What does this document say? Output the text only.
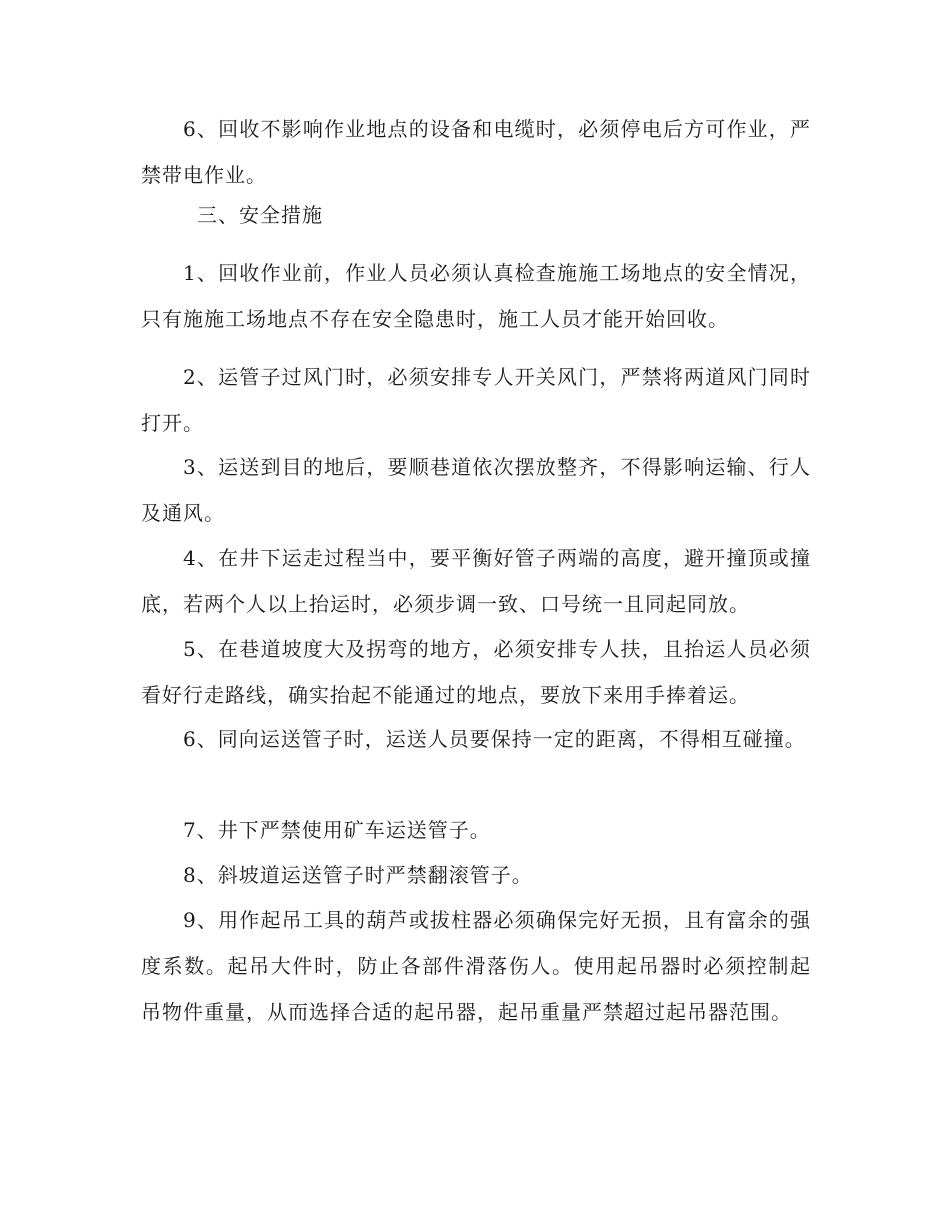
6、回收不影响作业地点的设备和电缆时，必须停电后方可作业，严禁带电作业。

三、安全措施

1、回收作业前，作业人员必须认真检查施施工场地点的安全情况，只有施施工场地点不存在安全隐患时，施工人员才能开始回收。

2、运管子过风门时，必须安排专人开关风门，严禁将两道风门同时打开。

3、运送到目的地后，要顺巷道依次摆放整齐，不得影响运输、行人及通风。

4、在井下运走过程当中，要平衡好管子两端的高度，避开撞顶或撞底，若两个人以上抬运时，必须步调一致、口号统一且同起同放。

5、在巷道坡度大及拐弯的地方，必须安排专人扶，且抬运人员必须看好行走路线，确实抬起不能通过的地点，要放下来用手捧着运。

6、同向运送管子时，运送人员要保持一定的距离，不得相互碰撞。

7、井下严禁使用矿车运送管子。

8、斜坡道运送管子时严禁翻滚管子。

9、用作起吊工具的葫芦或拔柱器必须确保完好无损，且有富余的强度系数。起吊大件时，防止各部件滑落伤人。使用起吊器时必须控制起吊物件重量，从而选择合适的起吊器，起吊重量严禁超过起吊器范围。
